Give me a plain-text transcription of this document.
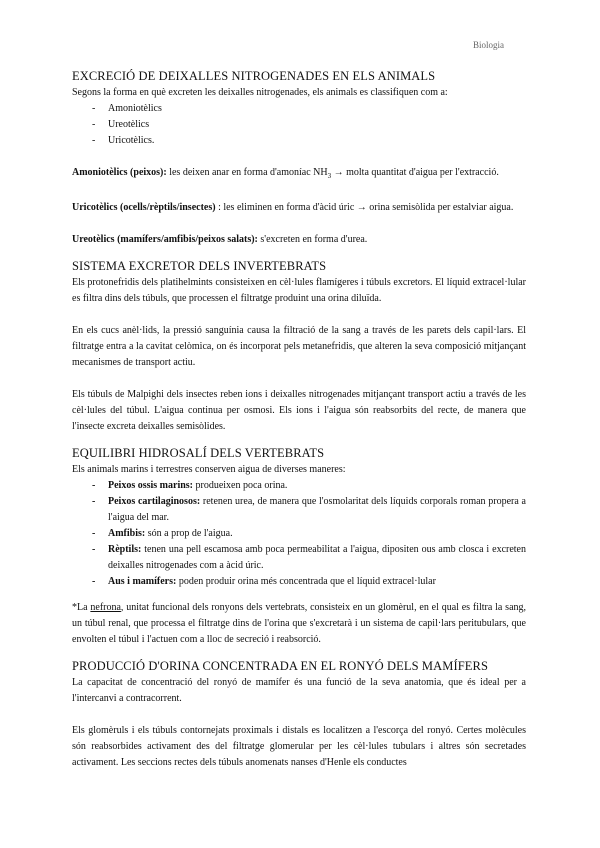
Biologia
EXCRECIÓ DE DEIXALLES NITROGENADES EN ELS ANIMALS

Segons la forma en què excreten les deixalles nitrogenades, els animals es classifiquen com a:

- Amoniotèlics
- Ureotèlics
- Uricotèlics.

Amoniotèlics (peixos): les deixen anar en forma d'amoníac $NH_3$ → molta quantitat d'aigua per l'extracció.

Uricotèlics (ocells/rèptils/insectes) : les eliminen en forma d'àcid úric → orina semisòlida per estalviar aigua.

Ureotèlics (mamífers/amfibis/peixos salats): s'excreten en forma d'urea.

SISTEMA EXCRETOR DELS INVERTEBRATS

Els protonefridis dels platihelmints consisteixen en cèl·lules flamígeres i túbuls excretors. El líquid extracel·lular es filtra dins dels túbuls, que processen el filtratge produint una orina diluïda.

En els cucs anèl·lids, la pressió sanguínia causa la filtració de la sang a través de les parets dels capil·lars. El filtratge entra a la cavitat celòmica, on és incorporat pels metanefridis, que alteren la seva composició mitjançant mecanismes de transport actiu.

Els túbuls de Malpighi dels insectes reben ions i deixalles nitrogenades mitjançant transport actiu a través de les cèl·lules del túbul. L'aigua continua per osmosi. Els ions i l'aigua són reabsorbits del recte, de manera que l'insecte excreta deixalles semisòlides.

EQUILIBRI HIDROSALÍ DELS VERTEBRATS

Els animals marins i terrestres conserven aigua de diverses maneres:

- Peixos ossis marins: produeixen poca orina.
- Peixos cartilaginosos: retenen urea, de manera que l'osmolaritat dels líquids corporals roman propera a l'aigua del mar.
- Amfibis: són a prop de l'aigua.
- Rèptils: tenen una pell escamosa amb poca permeabilitat a l'aigua, dipositen ous amb closca i excreten deixalles nitrogenades com a àcid úric.
- Aus i mamífers: poden produir orina més concentrada que el líquid extracel·lular

*La nefrona, unitat funcional dels ronyons dels vertebrats, consisteix en un glomèrul, en el qual es filtra la sang, un túbul renal, que processa el filtratge dins de l'orina que s'excretarà i un sistema de capil·lars peritubulars, que envolten el túbul i l'actuen com a lloc de secreció i reabsorció.

PRODUCCIÓ D'ORINA CONCENTRADA EN EL RONYÓ DELS MAMÍFERS

La capacitat de concentració del ronyó de mamífer és una funció de la seva anatomia, que és ideal per a l'intercanvi a contracorrent.

Els glomèruls i els túbuls contornejats proximals i distals es localitzen a l'escorça del ronyó. Certes molècules són reabsorbides activament des del filtratge glomerular per les cèl·lules tubulars i altres són secretades activament. Les seccions rectes dels túbuls anomenats nanses d'Henle els conductes
